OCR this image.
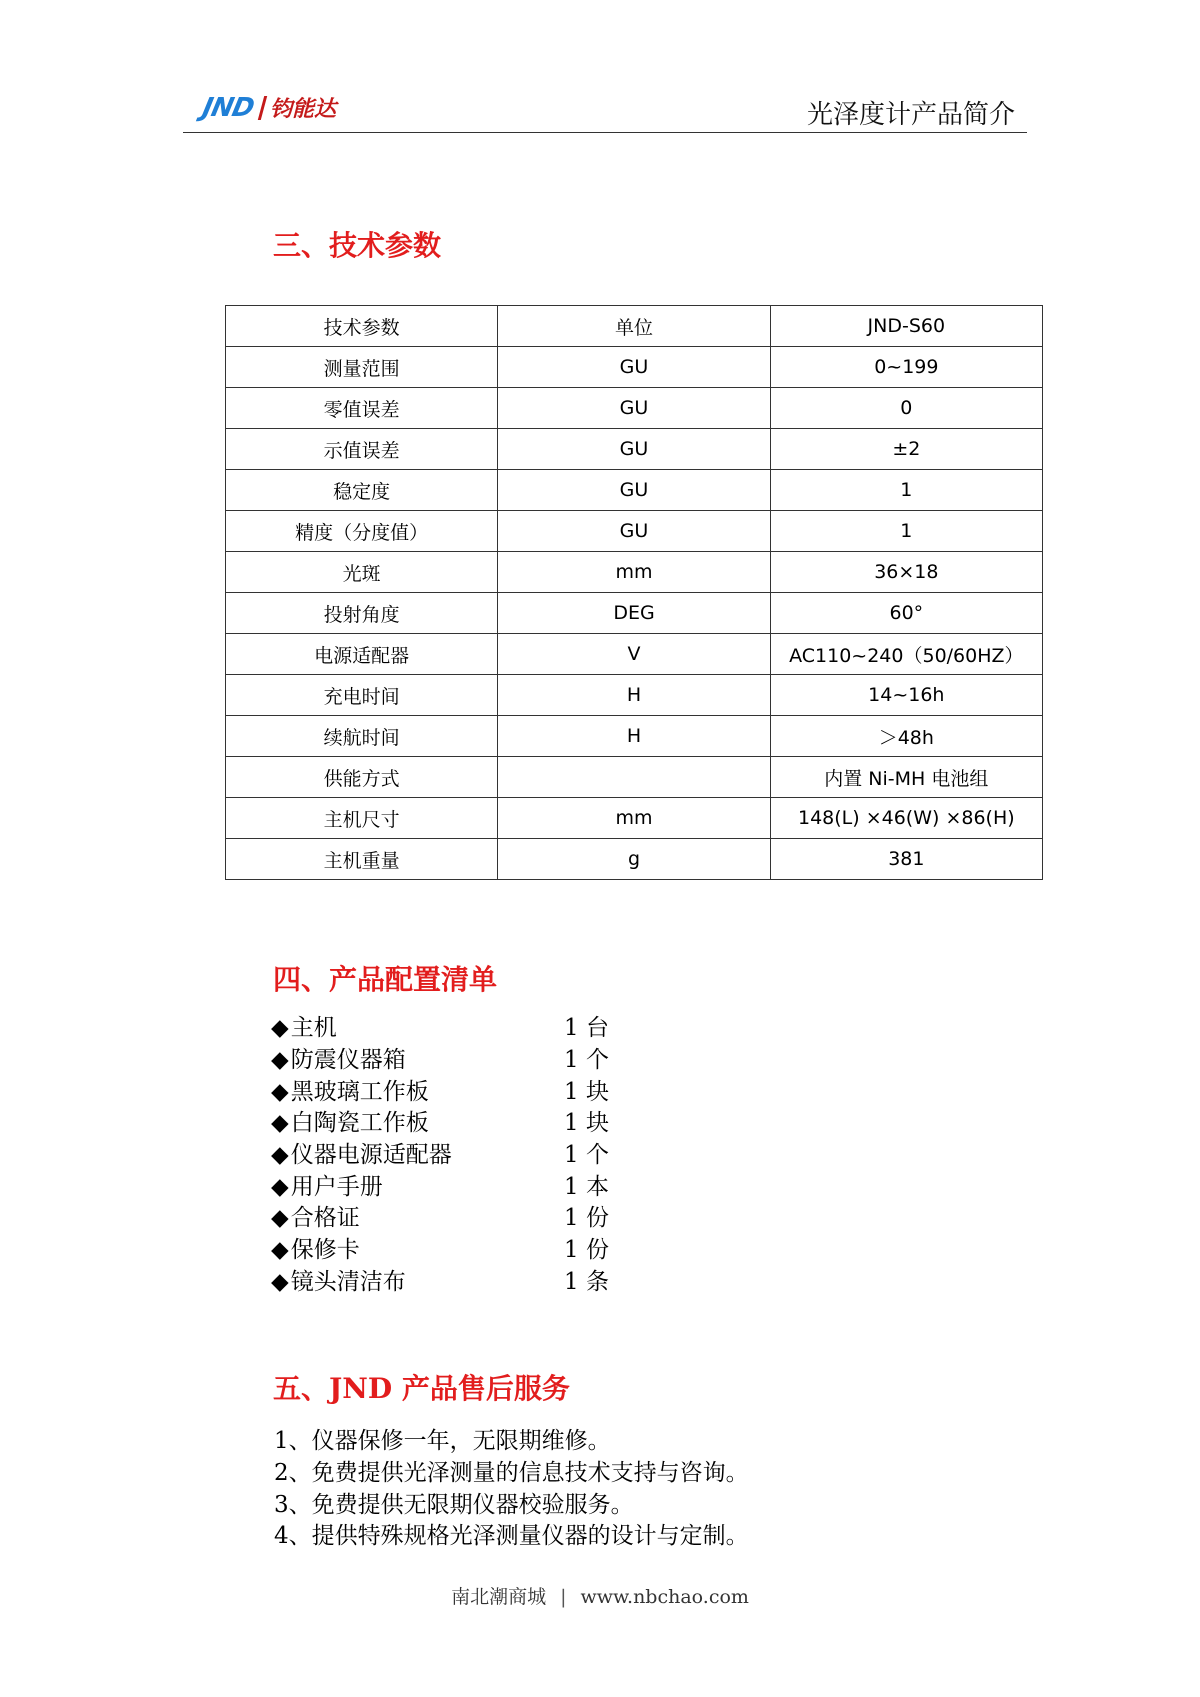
JND 钧能达	光泽度计产品简介
三、技术参数
技术参数	单位	JND-S60
测量范围	GU	0~199
零值误差	GU	0
示值误差	GU	±2
稳定度	GU	1
精度（分度值）	GU	1
光斑	mm	36×18
投射角度	DEG	60°
电源适配器	V	AC110~240（50/60HZ）
充电时间	H	14~16h
续航时间	H	＞48h
供能方式		内置 Ni-MH 电池组
主机尺寸	mm	148(L) ×46(W) ×86(H)
主机重量	g	381
四、产品配置清单
◆主机	1 台
◆防震仪器箱	1 个
◆黑玻璃工作板	1 块
◆白陶瓷工作板	1 块
◆仪器电源适配器	1 个
◆用户手册	1 本
◆合格证	1 份
◆保修卡	1 份
◆镜头清洁布	1 条
五、JND 产品售后服务
1、仪器保修一年，无限期维修。
2、免费提供光泽测量的信息技术支持与咨询。
3、免费提供无限期仪器校验服务。
4、提供特殊规格光泽测量仪器的设计与定制。
南北潮商城 | www.nbchao.com
